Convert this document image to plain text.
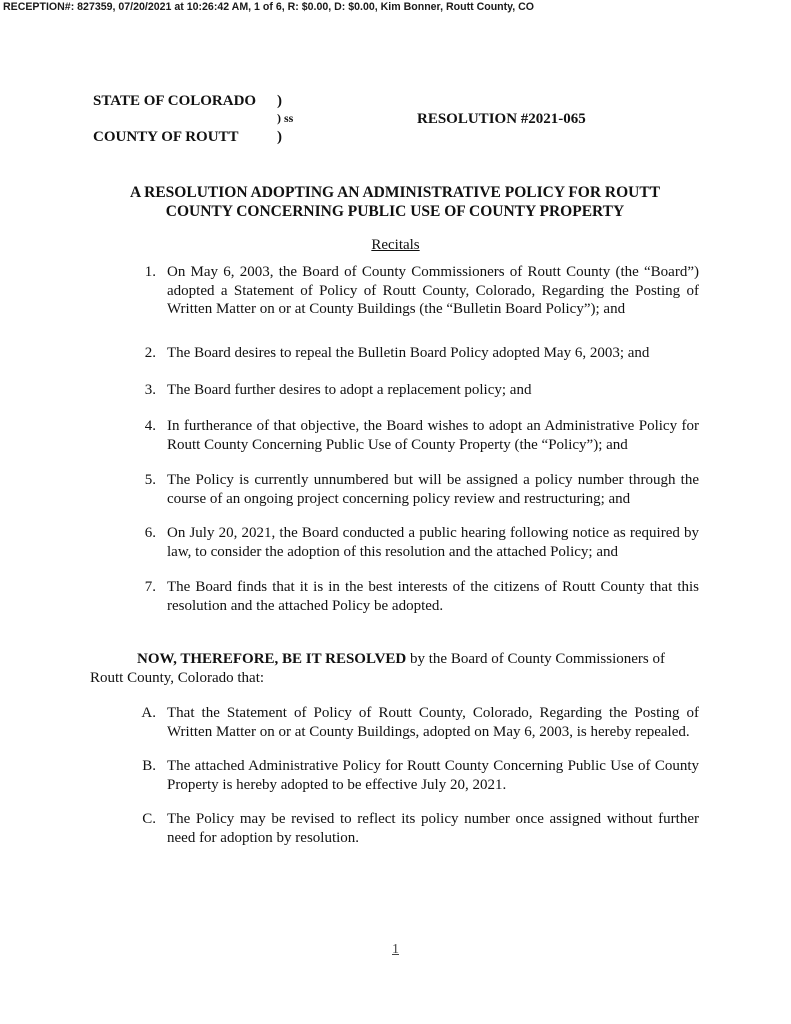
RECEPTION#: 827359, 07/20/2021 at 10:26:42 AM, 1 of 6, R: $0.00, D: $0.00, Kim Bonner, Routt County, CO
STATE OF COLORADO
COUNTY OF ROUTT
)
) ss
)
RESOLUTION #2021-065
A RESOLUTION ADOPTING AN ADMINISTRATIVE POLICY FOR ROUTT
COUNTY CONCERNING PUBLIC USE OF COUNTY PROPERTY
Recitals
1. On May 6, 2003, the Board of County Commissioners of Routt County (the “Board”) adopted a Statement of Policy of Routt County, Colorado, Regarding the Posting of Written Matter on or at County Buildings (the “Bulletin Board Policy”); and
2. The Board desires to repeal the Bulletin Board Policy adopted May 6, 2003; and
3. The Board further desires to adopt a replacement policy; and
4. In furtherance of that objective, the Board wishes to adopt an Administrative Policy for Routt County Concerning Public Use of County Property (the “Policy”); and
5. The Policy is currently unnumbered but will be assigned a policy number through the course of an ongoing project concerning policy review and restructuring; and
6. On July 20, 2021, the Board conducted a public hearing following notice as required by law, to consider the adoption of this resolution and the attached Policy; and
7. The Board finds that it is in the best interests of the citizens of Routt County that this resolution and the attached Policy be adopted.
NOW, THEREFORE, BE IT RESOLVED by the Board of County Commissioners of Routt County, Colorado that:
A. That the Statement of Policy of Routt County, Colorado, Regarding the Posting of Written Matter on or at County Buildings, adopted on May 6, 2003, is hereby repealed.
B. The attached Administrative Policy for Routt County Concerning Public Use of County Property is hereby adopted to be effective July 20, 2021.
C. The Policy may be revised to reflect its policy number once assigned without further need for adoption by resolution.
1
